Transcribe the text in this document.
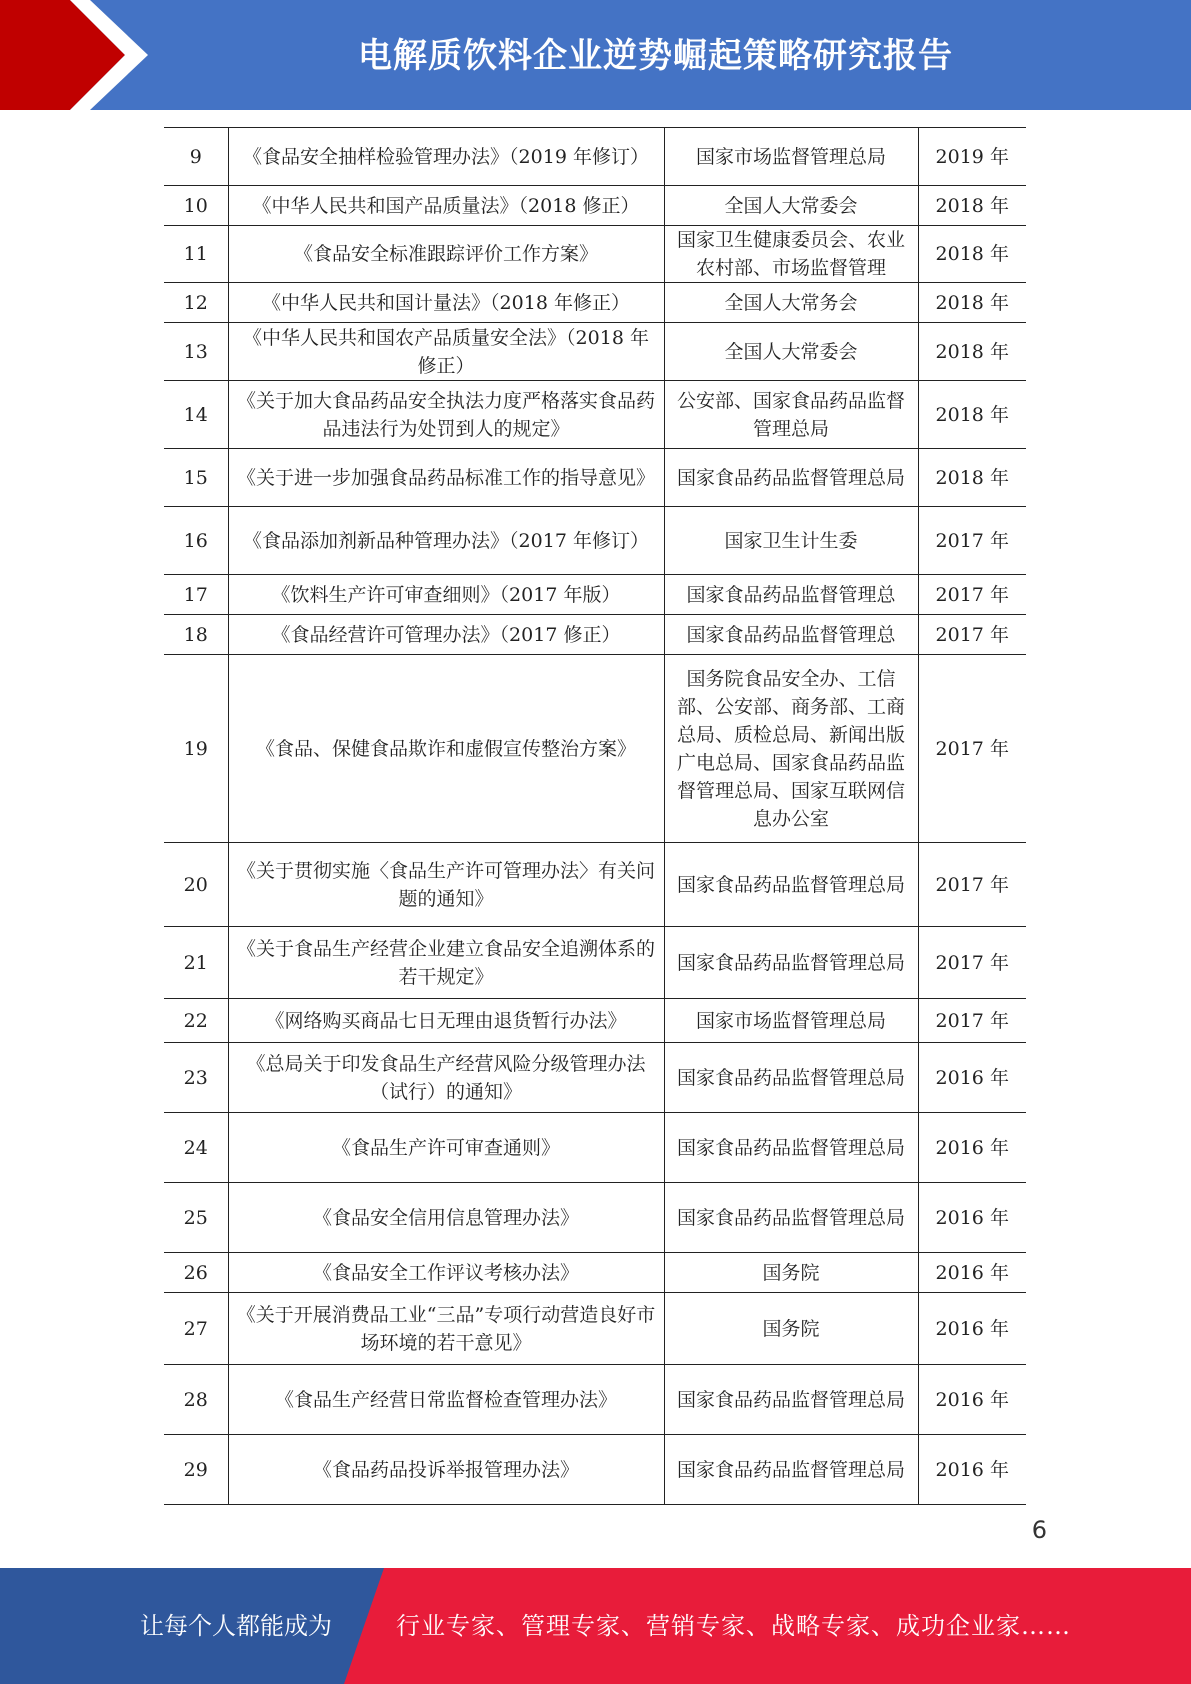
电解质饮料企业逆势崛起策略研究报告
9	《食品安全抽样检验管理办法》（2019 年修订）	国家市场监督管理总局	2019 年
10	《中华人民共和国产品质量法》（2018 修正）	全国人大常委会	2018 年
11	《食品安全标准跟踪评价工作方案》	国家卫生健康委员会、农业农村部、市场监督管理	2018 年
12	《中华人民共和国计量法》（2018 年修正）	全国人大常务会	2018 年
13	《中华人民共和国农产品质量安全法》（2018 年修正）	全国人大常委会	2018 年
14	《关于加大食品药品安全执法力度严格落实食品药品违法行为处罚到人的规定》	公安部、国家食品药品监督管理总局	2018 年
15	《关于进一步加强食品药品标准工作的指导意见》	国家食品药品监督管理总局	2018 年
16	《食品添加剂新品种管理办法》（2017 年修订）	国家卫生计生委	2017 年
17	《饮料生产许可审查细则》（2017 年版）	国家食品药品监督管理总	2017 年
18	《食品经营许可管理办法》（2017 修正）	国家食品药品监督管理总	2017 年
19	《食品、保健食品欺诈和虚假宣传整治方案》	国务院食品安全办、工信部、公安部、商务部、工商总局、质检总局、新闻出版广电总局、国家食品药品监督管理总局、国家互联网信息办公室	2017 年
20	《关于贯彻实施〈食品生产许可管理办法〉有关问题的通知》	国家食品药品监督管理总局	2017 年
21	《关于食品生产经营企业建立食品安全追溯体系的若干规定》	国家食品药品监督管理总局	2017 年
22	《网络购买商品七日无理由退货暂行办法》	国家市场监督管理总局	2017 年
23	《总局关于印发食品生产经营风险分级管理办法（试行）的通知》	国家食品药品监督管理总局	2016 年
24	《食品生产许可审查通则》	国家食品药品监督管理总局	2016 年
25	《食品安全信用信息管理办法》	国家食品药品监督管理总局	2016 年
26	《食品安全工作评议考核办法》	国务院	2016 年
27	《关于开展消费品工业“三品”专项行动营造良好市场环境的若干意见》	国务院	2016 年
28	《食品生产经营日常监督检查管理办法》	国家食品药品监督管理总局	2016 年
29	《食品药品投诉举报管理办法》	国家食品药品监督管理总局	2016 年
6
让每个人都能成为	行业专家、管理专家、营销专家、战略专家、成功企业家……
